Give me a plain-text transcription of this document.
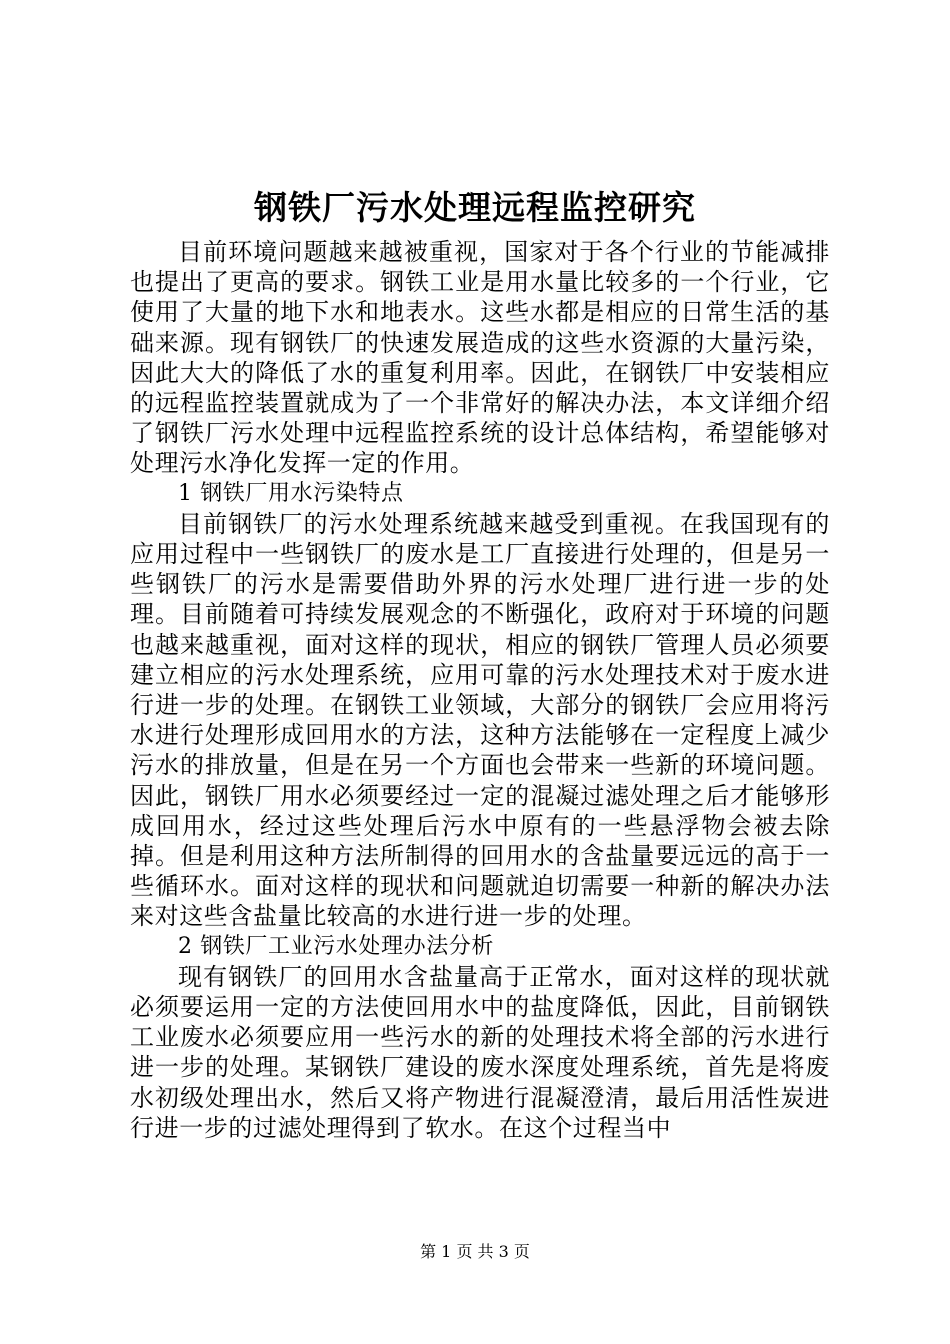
钢铁厂污水处理远程监控研究

目前环境问题越来越被重视，国家对于各个行业的节能减排也提出了更高的要求。钢铁工业是用水量比较多的一个行业，它使用了大量的地下水和地表水。这些水都是相应的日常生活的基础来源。现有钢铁厂的快速发展造成的这些水资源的大量污染，因此大大的降低了水的重复利用率。因此，在钢铁厂中安装相应的远程监控装置就成为了一个非常好的解决办法，本文详细介绍了钢铁厂污水处理中远程监控系统的设计总体结构，希望能够对处理污水净化发挥一定的作用。

1 钢铁厂用水污染特点

目前钢铁厂的污水处理系统越来越受到重视。在我国现有的应用过程中一些钢铁厂的废水是工厂直接进行处理的，但是另一些钢铁厂的污水是需要借助外界的污水处理厂进行进一步的处理。目前随着可持续发展观念的不断强化，政府对于环境的问题也越来越重视，面对这样的现状，相应的钢铁厂管理人员必须要建立相应的污水处理系统，应用可靠的污水处理技术对于废水进行进一步的处理。在钢铁工业领域，大部分的钢铁厂会应用将污水进行处理形成回用水的方法，这种方法能够在一定程度上减少污水的排放量，但是在另一个方面也会带来一些新的环境问题。因此，钢铁厂用水必须要经过一定的混凝过滤处理之后才能够形成回用水，经过这些处理后污水中原有的一些悬浮物会被去除掉。但是利用这种方法所制得的回用水的含盐量要远远的高于一些循环水。面对这样的现状和问题就迫切需要一种新的解决办法来对这些含盐量比较高的水进行进一步的处理。

2 钢铁厂工业污水处理办法分析

现有钢铁厂的回用水含盐量高于正常水，面对这样的现状就必须要运用一定的方法使回用水中的盐度降低，因此，目前钢铁工业废水必须要应用一些污水的新的处理技术将全部的污水进行进一步的处理。某钢铁厂建设的废水深度处理系统，首先是将废水初级处理出水，然后又将产物进行混凝澄清，最后用活性炭进行进一步的过滤处理得到了软水。在这个过程当中

第 1 页 共 3 页
